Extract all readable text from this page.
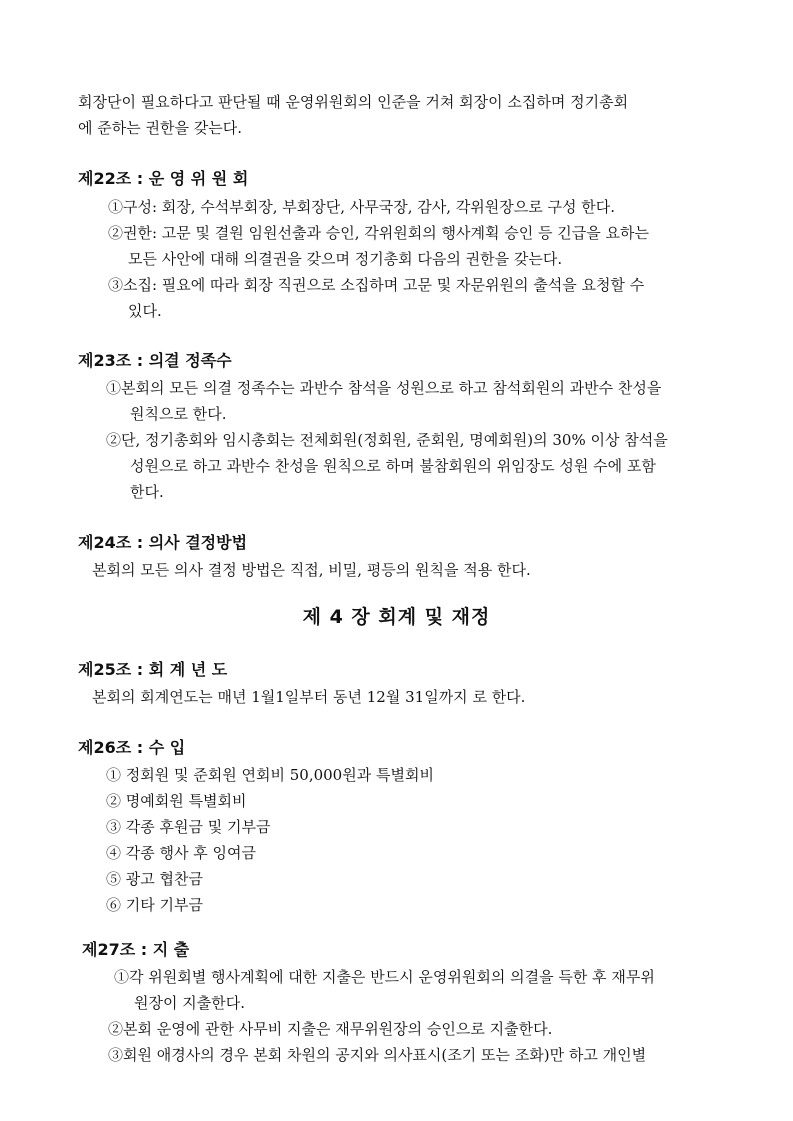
회장단이 필요하다고 판단될 때 운영위원회의 인준을 거쳐 회장이 소집하며 정기총회
에 준하는 권한을 갖는다.
제22조 : 운 영 위 원 회
①구성: 회장, 수석부회장, 부회장단, 사무국장, 감사, 각위원장으로 구성 한다.
②권한: 고문 및 결원 임원선출과 승인, 각위원회의 행사계획 승인 등 긴급을 요하는
모든 사안에 대해 의결권을 갖으며 정기총회 다음의 권한을 갖는다.
③소집: 필요에 따라 회장 직권으로 소집하며 고문 및 자문위원의 출석을 요청할 수
있다.
제23조 : 의결 정족수
①본회의 모든 의결 정족수는 과반수 참석을 성원으로 하고 참석회원의 과반수 찬성을
원칙으로 한다.
②단, 정기총회와 임시총회는 전체회원(정회원, 준회원, 명예회원)의 30% 이상 참석을
성원으로 하고 과반수 찬성을 원칙으로 하며 불참회원의 위임장도 성원 수에 포함
한다.
제24조 : 의사 결정방법
본회의 모든 의사 결정 방법은 직접, 비밀, 평등의 원칙을 적용 한다.
제 4 장 회계 및 재정
제25조 : 회 계 년 도
본회의 회계연도는 매년 1월1일부터 동년 12월 31일까지 로 한다.
제26조 : 수 입
① 정회원 및 준회원 연회비 50,000원과 특별회비
② 명예회원 특별회비
③ 각종 후원금 및 기부금
④ 각종 행사 후 잉여금
⑤ 광고 협찬금
⑥ 기타 기부금
제27조 : 지 출
①각 위원회별 행사계획에 대한 지출은 반드시 운영위원회의 의결을 득한 후 재무위
원장이 지출한다.
②본회 운영에 관한 사무비 지출은 재무위원장의 승인으로 지출한다.
③회원 애경사의 경우 본회 차원의 공지와 의사표시(조기 또는 조화)만 하고 개인별
